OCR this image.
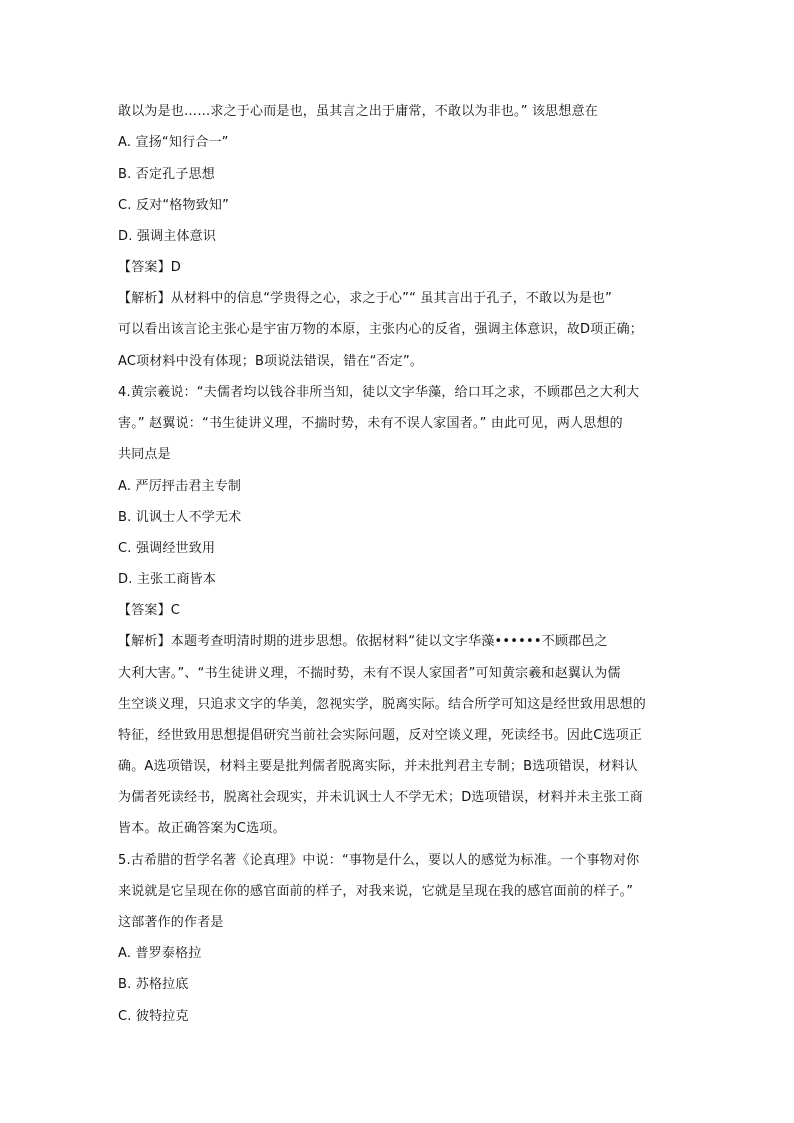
敢以为是也……求之于心而是也，虽其言之出于庸常，不敢以为非也。” 该思想意在
A. 宣扬“知行合一”
B. 否定孔子思想
C. 反对“格物致知”
D. 强调主体意识
【答案】D
【解析】从材料中的信息“学贵得之心，求之于心”“ 虽其言出于孔子，不敢以为是也”
可以看出该言论主张心是宇宙万物的本原，主张内心的反省，强调主体意识，故D项正确；
AC项材料中没有体现；B项说法错误，错在“否定”。
4.黄宗羲说：“夫儒者均以钱谷非所当知，徒以文字华藻，给口耳之求，不顾郡邑之大利大
害。” 赵翼说：“书生徒讲义理，不揣时势，未有不误人家国者。” 由此可见，两人思想的
共同点是
A. 严厉抨击君主专制
B. 讥讽士人不学无术
C. 强调经世致用
D. 主张工商皆本
【答案】C
【解析】本题考查明清时期的进步思想。依据材料“徒以文字华藻••••••不顾郡邑之
大利大害。”、“书生徒讲义理，不揣时势，未有不误人家国者”可知黄宗羲和赵翼认为儒
生空谈义理，只追求文字的华美，忽视实学，脱离实际。结合所学可知这是经世致用思想的
特征，经世致用思想提倡研究当前社会实际问题，反对空谈义理，死读经书。因此C选项正
确。A选项错误，材料主要是批判儒者脱离实际，并未批判君主专制；B选项错误，材料认
为儒者死读经书，脱离社会现实，并未讥讽士人不学无术；D选项错误，材料并未主张工商
皆本。故正确答案为C选项。
5.古希腊的哲学名著《论真理》中说：“事物是什么，要以人的感觉为标准。一个事物对你
来说就是它呈现在你的感官面前的样子，对我来说，它就是呈现在我的感官面前的样子。”
这部著作的作者是
A. 普罗泰格拉
B. 苏格拉底
C. 彼特拉克
